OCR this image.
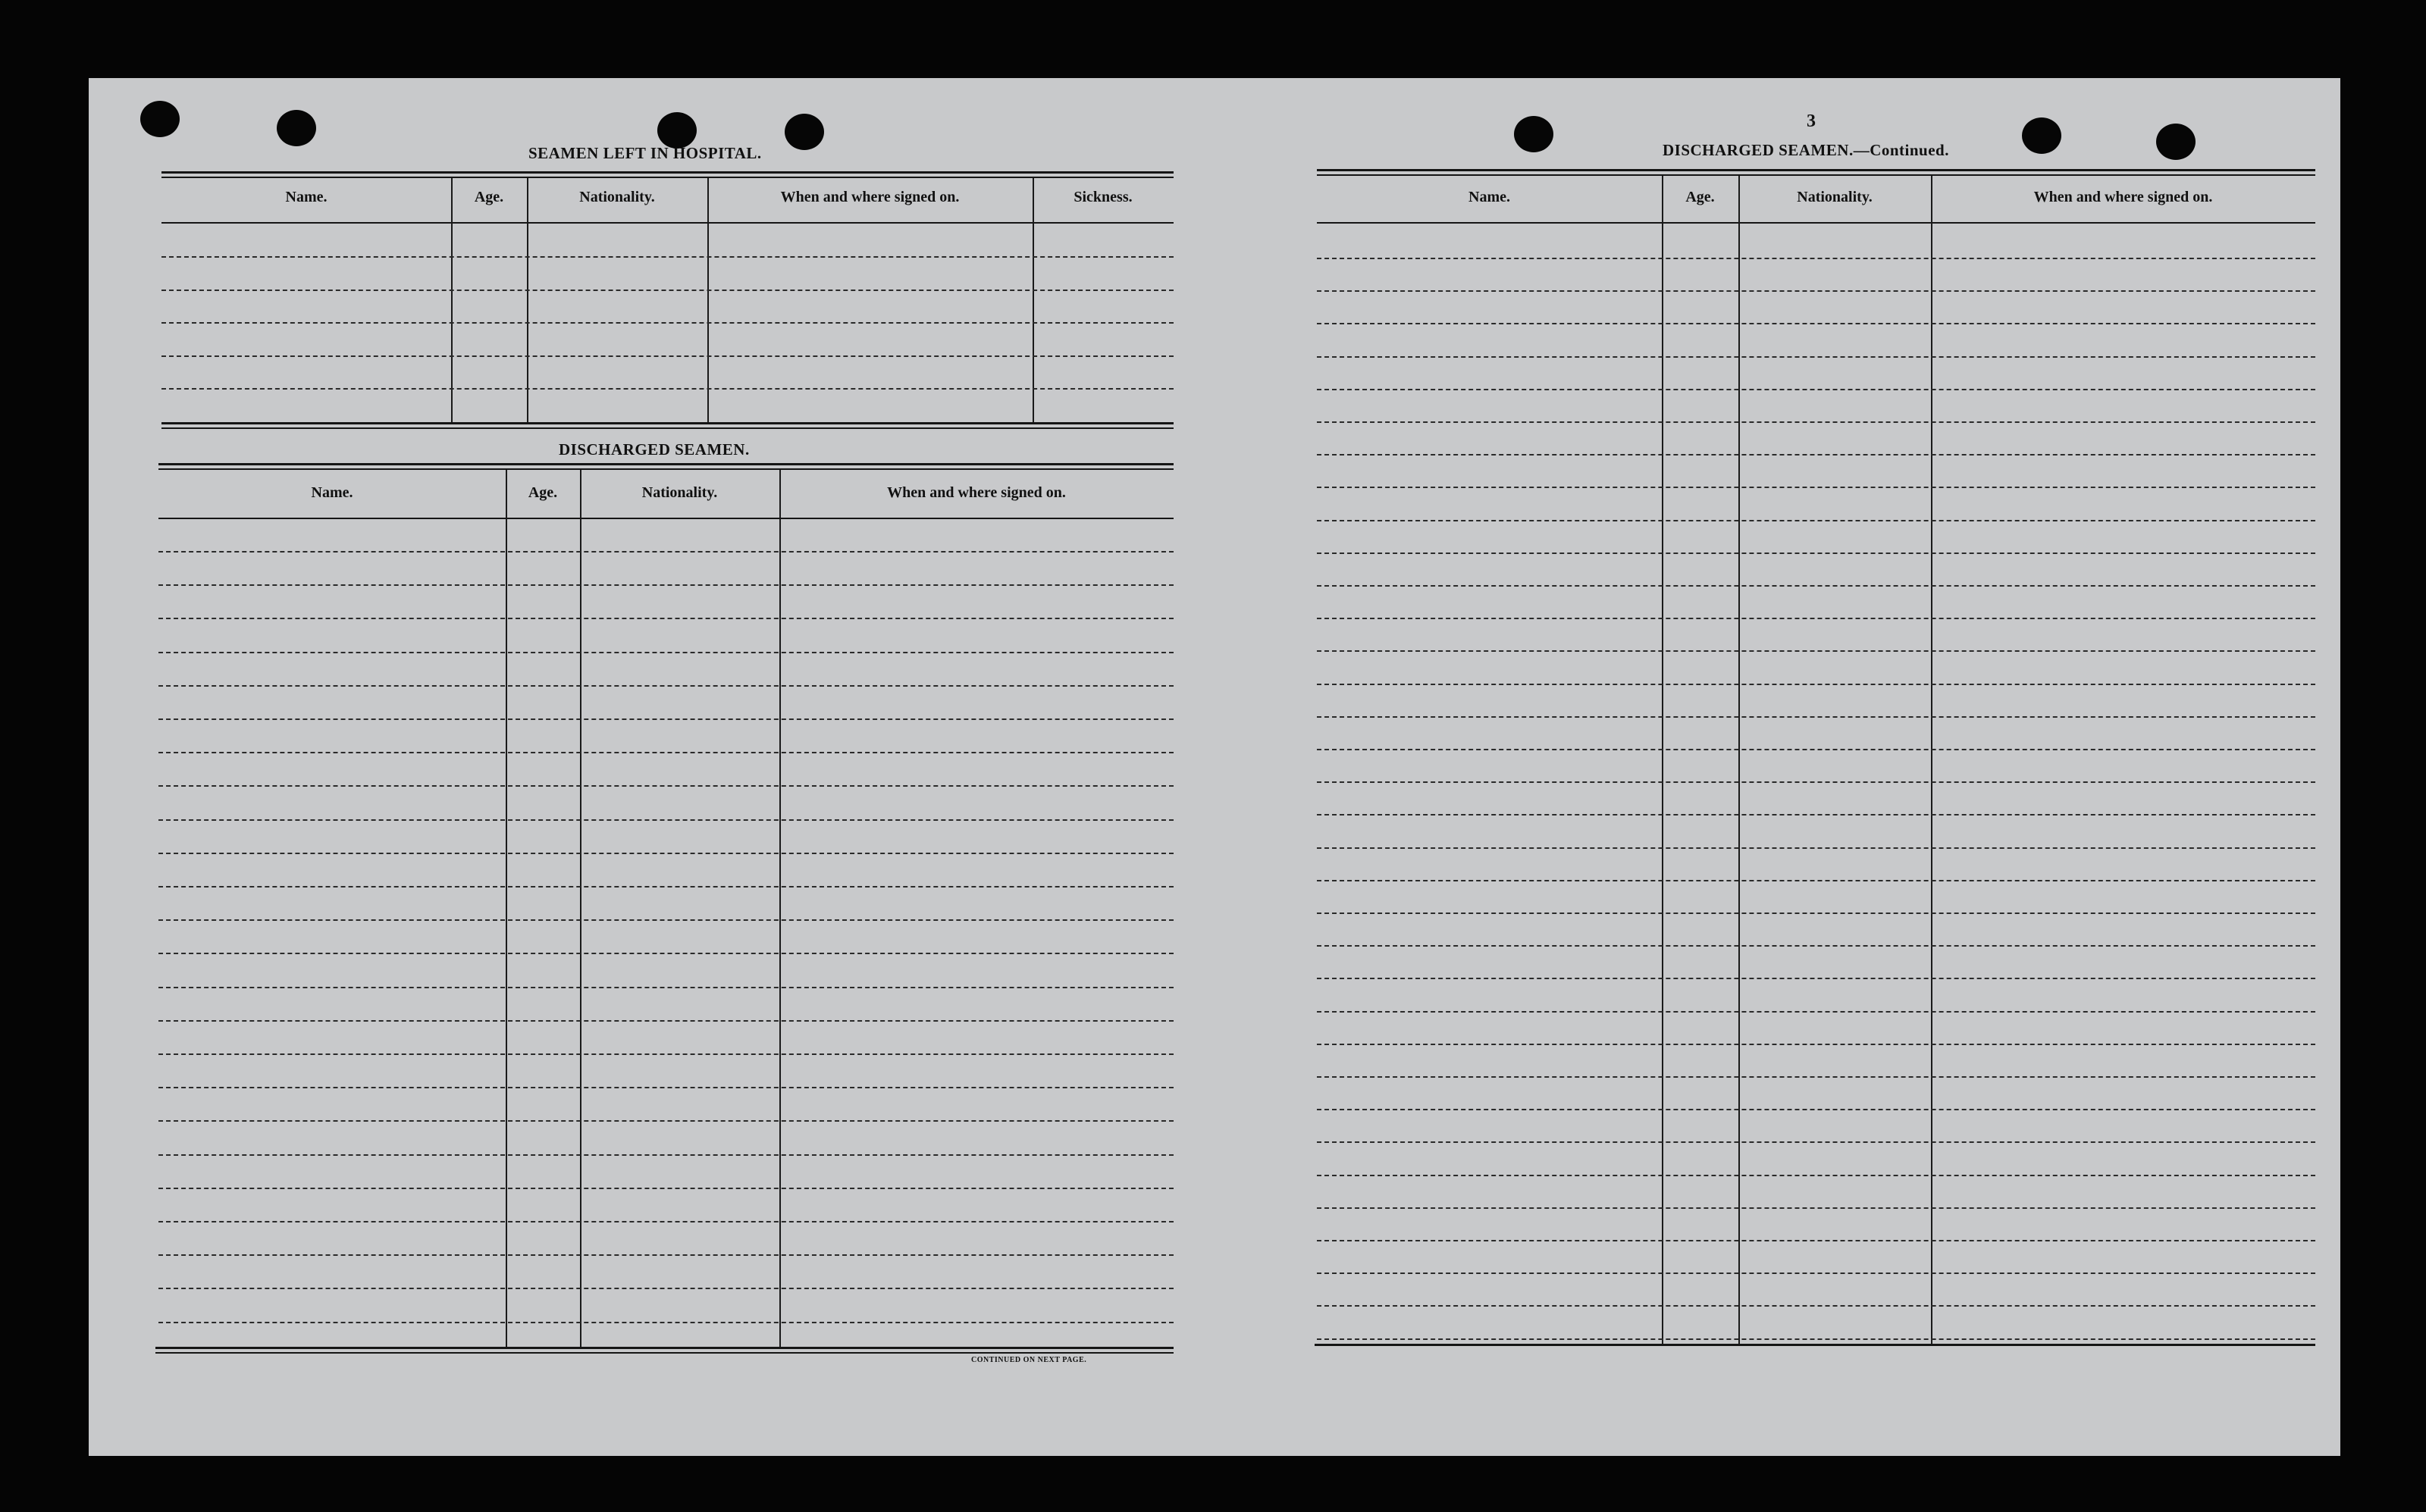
SEAMEN LEFT IN HOSPITAL.
Name.	Age.	Nationality.	When and where signed on.	Sickness.
DISCHARGED SEAMEN.
Name.	Age.	Nationality.	When and where signed on.
CONTINUED ON NEXT PAGE.
3
DISCHARGED SEAMEN.—Continued.
Name.	Age.	Nationality.	When and where signed on.
